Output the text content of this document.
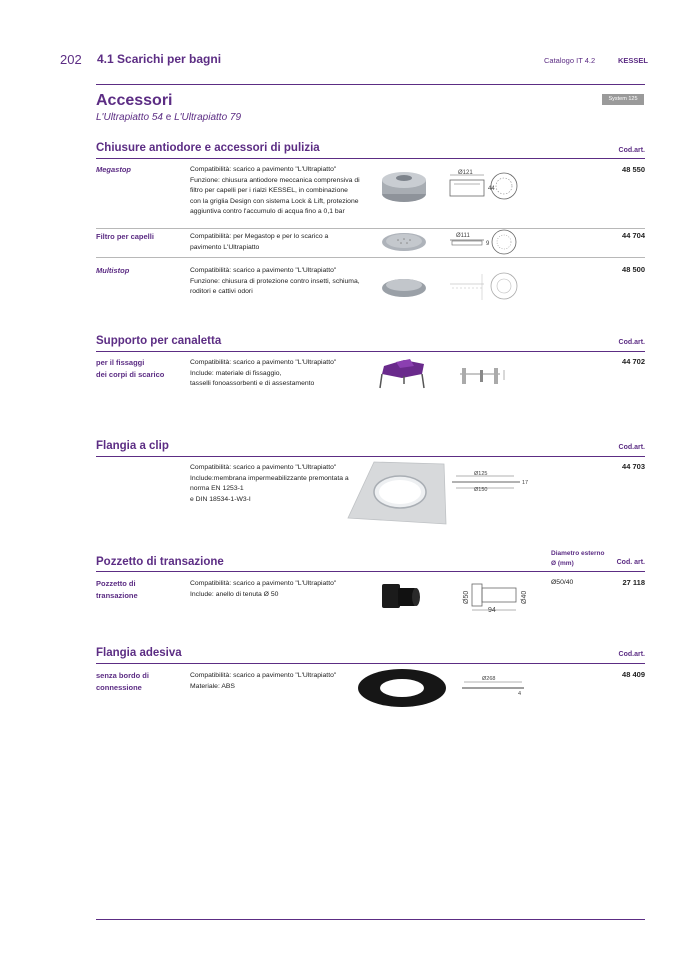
202 4.1 Scarichi per bagni	Catalogo IT 4.2	KESSEL
Accessori
L'Ultrapiatto 54 e L'Ultrapiatto 79
System 125
Chiusure antiodore e accessori di pulizia	Cod.art.
Megastop	Compatibilità: scarico a pavimento "L'Ultrapiatto"
Funzione: chiusura antiodore meccanica comprensiva di
filtro per capelli per i rialzi KESSEL, in combinazione
con la griglia Design con sistema Lock & Lift, protezione
aggiuntiva contro l'accumulo di acqua fino a 0,1 bar
48 550
Ø121
44
Filtro per capelli	Compatibilità: per Megastop e per lo scarico a
pavimento L'Ultrapiatto
44 704
Ø111
9
Multistop	Compatibilità: scarico a pavimento "L'Ultrapiatto"
Funzione: chiusura di protezione contro insetti, schiuma,
roditori e cattivi odori
48 500
Supporto per canaletta	Cod.art.
per il fissaggi
dei corpi di scarico
Compatibilità: scarico a pavimento "L'Ultrapiatto"
Include: materiale di fissaggio,
tasselli fonoassorbenti e di assestamento
44 702
Flangia a clip	Cod.art.
Compatibilità: scarico a pavimento "L'Ultrapiatto"
Include:membrana impermeabilizzante premontata a
norma EN 1253-1
e DIN 18534-1-W3-I
44 703
Ø125
Ø150
17
Pozzetto di transazione
Diametro esterno
Ø (mm)	Cod. art.
Pozzetto di
transazione
Compatibilità: scarico a pavimento "L'Ultrapiatto"
Include: anello di tenuta Ø 50
Ø50/40	27 118
Ø50
94
Ø40
Flangia adesiva	Cod.art.
senza bordo di
connessione
Compatibilità: scarico a pavimento "L'Ultrapiatto"
Materiale: ABS
48 409
Ø268
4
